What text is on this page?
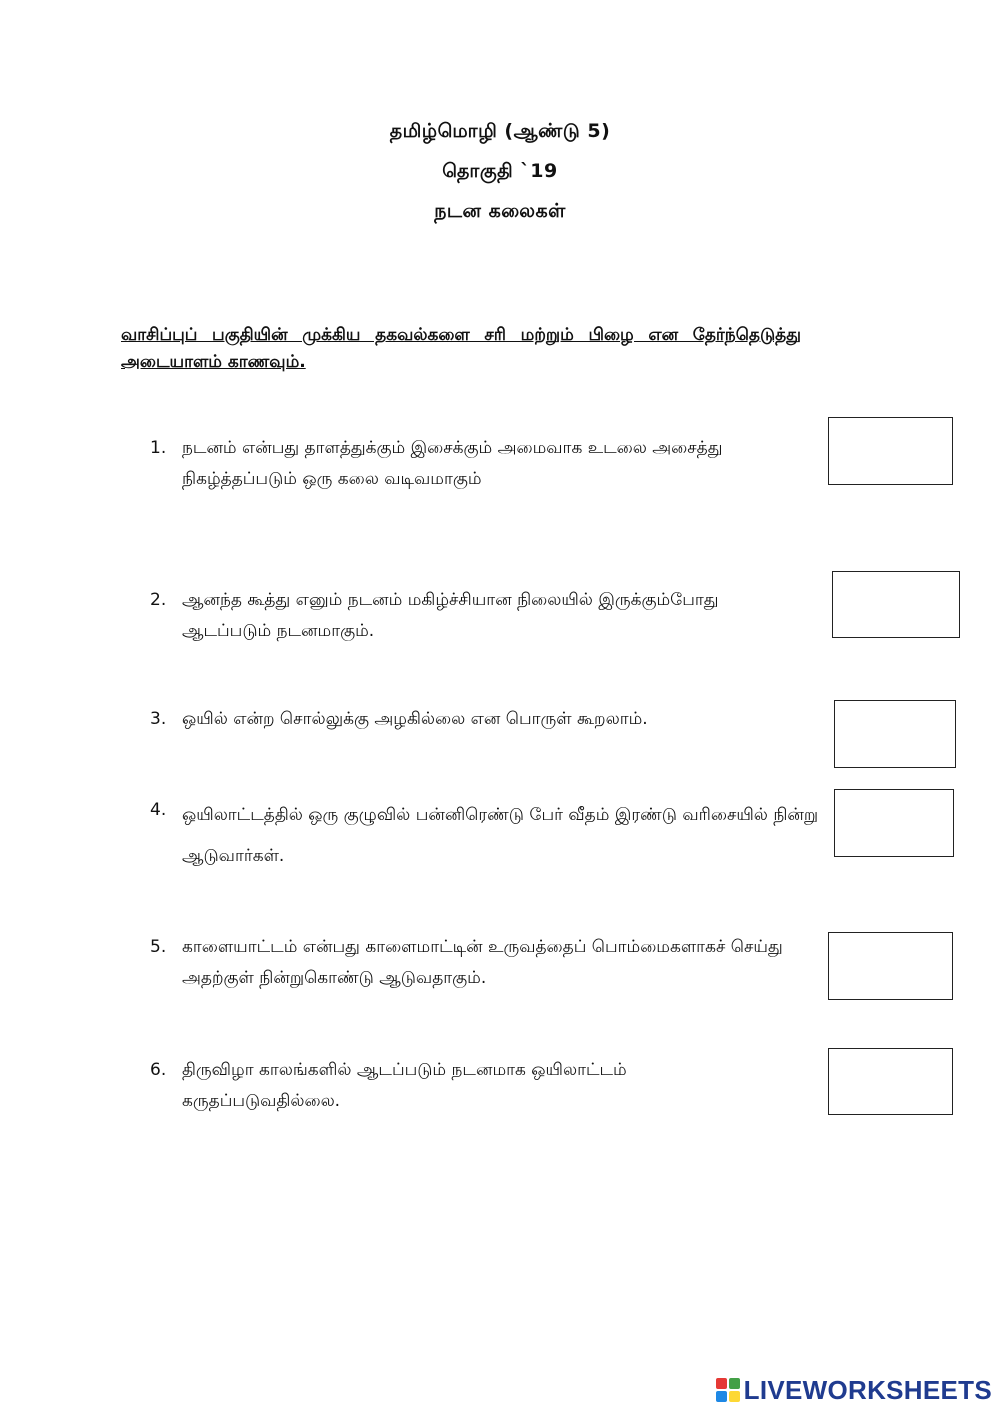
தமிழ்மொழி (ஆண்டு 5)
தொகுதி `19
நடன கலைகள்
வாசிப்புப் பகுதியின் முக்கிய தகவல்களை சரி மற்றும் பிழை என தேர்ந்தெடுத்து அடையாளம் காணவும்.
1. நடனம் என்பது தாளத்துக்கும் இசைக்கும் அமைவாக உடலை அசைத்து நிகழ்த்தப்படும் ஒரு கலை வடிவமாகும்
2. ஆனந்த கூத்து எனும் நடனம் மகிழ்ச்சியான நிலையில் இருக்கும்போது ஆடப்படும் நடனமாகும்.
3. ஒயில் என்ற சொல்லுக்கு அழகில்லை என பொருள் கூறலாம்.
4. ஒயிலாட்டத்தில் ஒரு குழுவில் பன்னிரெண்டு பேர் வீதம் இரண்டு வரிசையில் நின்று ஆடுவார்கள்.
5. காளையாட்டம் என்பது காளைமாட்டின் உருவத்தைப் பொம்மைகளாகச் செய்து அதற்குள் நின்றுகொண்டு ஆடுவதாகும்.
6. திருவிழா காலங்களில் ஆடப்படும் நடனமாக ஒயிலாட்டம் கருதப்படுவதில்லை.
LIVEWORKSHEETS
